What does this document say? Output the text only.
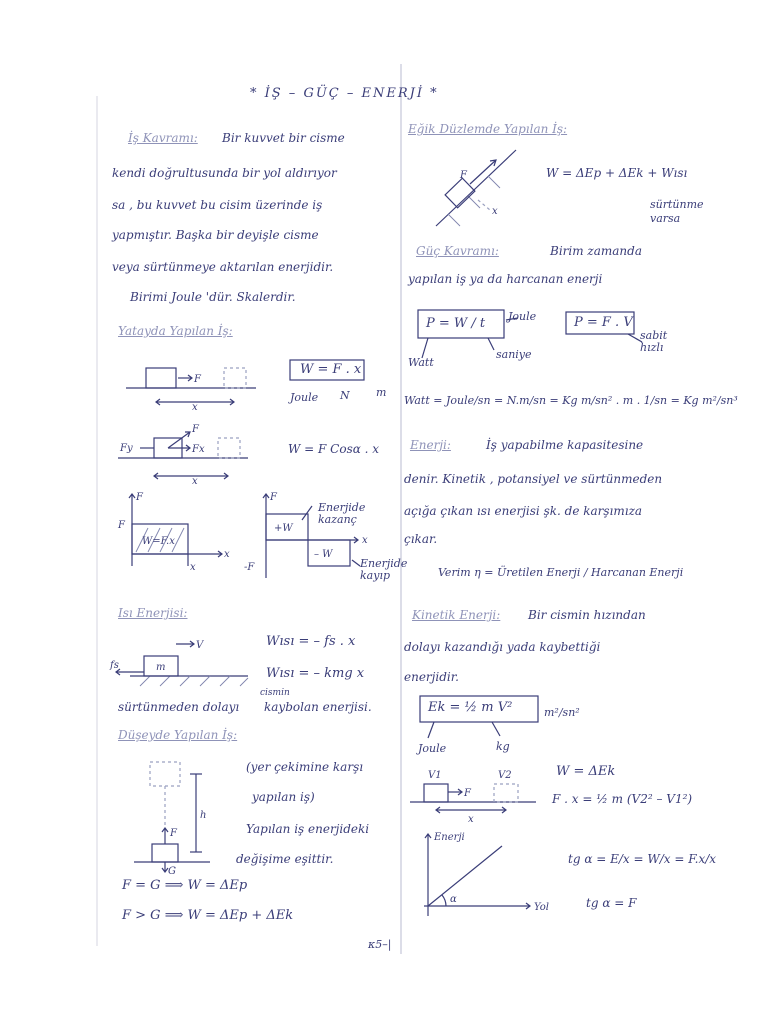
* İŞ – GÜÇ – ENERJİ *
İş Kavramı: Bir kuvvet bir cisme
kendi doğrultusunda bir yol aldırıyor
sa , bu kuvvet bu cisim üzerinde iş
yapmıştır. Başka bir deyişle cisme
veya sürtünmeye aktarılan enerjidir.
Birimi Joule 'dür. Skalerdir.
Yatayda Yapılan İş:
F
x
W = F . x
Joule N m
Fy
F
Fx
x
W = F Cosα . x
F
F
W=F.x
x
x
F
+W
– W
-F
x
Enerjide kazanç
Enerjide kayıp
Isı Enerjisi:
V
m
fs
Wısı = – fs . x
Wısı = – kmg x
sürtünmeden dolayı
cismin
kaybolan enerjisi.
Düşeyde Yapılan İş:
h
F
G
(yer çekimine karşı
yapılan iş)
Yapılan iş enerjideki
değişime eşittir.
F = G ⟹ W = ΔEp
F > G ⟹ W = ΔEp + ΔEk
κ5–|
Eğik Düzlemde Yapılan İş:
F
x
W = ΔEp + ΔEk + Wısı
sürtünme varsa
Güç Kavramı:	Birim zamanda
yapılan iş ya da harcanan enerji
P = W / t Joule
Watt
saniye
P = F . V
sabit hızlı
Watt = Joule/sn = N.m/sn = Kg m/sn² . m . 1/sn = Kg m²/sn³
Enerji:	İş yapabilme kapasitesine
denir. Kinetik , potansiyel ve sürtünmeden
açığa çıkan ısı enerjisi şk. de karşımıza
çıkar.
Verim η = Üretilen Enerji / Harcanan Enerji
Kinetik Enerji: Bir cismin hızından
dolayı kazandığı yada kaybettiği
enerjidir.
Ek = ½ m V²	m²/sn²
Joule	kg
V1	V2
F
x
W = ΔEk
F . x = ½ m (V2² – V1²)
Enerji
Yol
α
tg α = E/x = W/x = F.x/x
tg α = F
